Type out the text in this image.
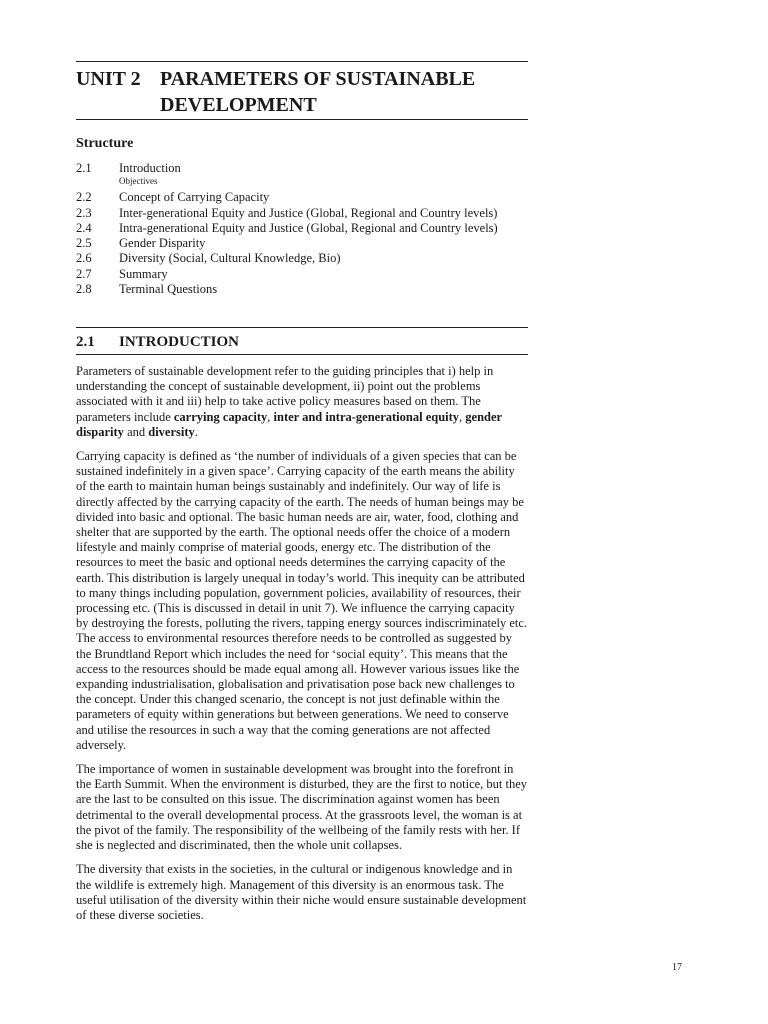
UNIT 2 PARAMETERS OF SUSTAINABLE DEVELOPMENT
Structure
2.1	Introduction
Objectives
2.2	Concept of Carrying Capacity
2.3	Inter-generational Equity and Justice (Global, Regional and Country levels)
2.4	Intra-generational Equity and Justice (Global, Regional and Country levels)
2.5	Gender Disparity
2.6	Diversity (Social, Cultural Knowledge, Bio)
2.7	Summary
2.8	Terminal Questions
2.1 INTRODUCTION

Parameters of sustainable development refer to the guiding principles that i) help in understanding the concept of sustainable development, ii) point out the problems associated with it and iii) help to take active policy measures based on them. The parameters include carrying capacity, inter and intra-generational equity, gender disparity and diversity.

Carrying capacity is defined as ‘the number of individuals of a given species that can be sustained indefinitely in a given space’. Carrying capacity of the earth means the ability of the earth to maintain human beings sustainably and indefinitely. Our way of life is directly affected by the carrying capacity of the earth. The needs of human beings may be divided into basic and optional. The basic human needs are air, water, food, clothing and shelter that are supported by the earth. The optional needs offer the choice of a modern lifestyle and mainly comprise of material goods, energy etc. The distribution of the resources to meet the basic and optional needs determines the carrying capacity of the earth. This distribution is largely unequal in today’s world. This inequity can be attributed to many things including population, government policies, availability of resources, their processing etc. (This is discussed in detail in unit 7). We influence the carrying capacity by destroying the forests, polluting the rivers, tapping energy sources indiscriminately etc. The access to environmental resources therefore needs to be controlled as suggested by the Brundtland Report which includes the need for ‘social equity’. This means that the access to the resources should be made equal among all. However various issues like the expanding industrialisation, globalisation and privatisation pose back new challenges to the concept. Under this changed scenario, the concept is not just definable within the parameters of equity within generations but between generations. We need to conserve and utilise the resources in such a way that the coming generations are not affected adversely.

The importance of women in sustainable development was brought into the forefront in the Earth Summit. When the environment is disturbed, they are the first to notice, but they are the last to be consulted on this issue. The discrimination against women has been detrimental to the overall developmental process. At the grassroots level, the woman is at the pivot of the family. The responsibility of the wellbeing of the family rests with her. If she is neglected and discriminated, then the whole unit collapses.

The diversity that exists in the societies, in the cultural or indigenous knowledge and in the wildlife is extremely high. Management of this diversity is an enormous task. The useful utilisation of the diversity within their niche would ensure sustainable development of these diverse societies.

17
